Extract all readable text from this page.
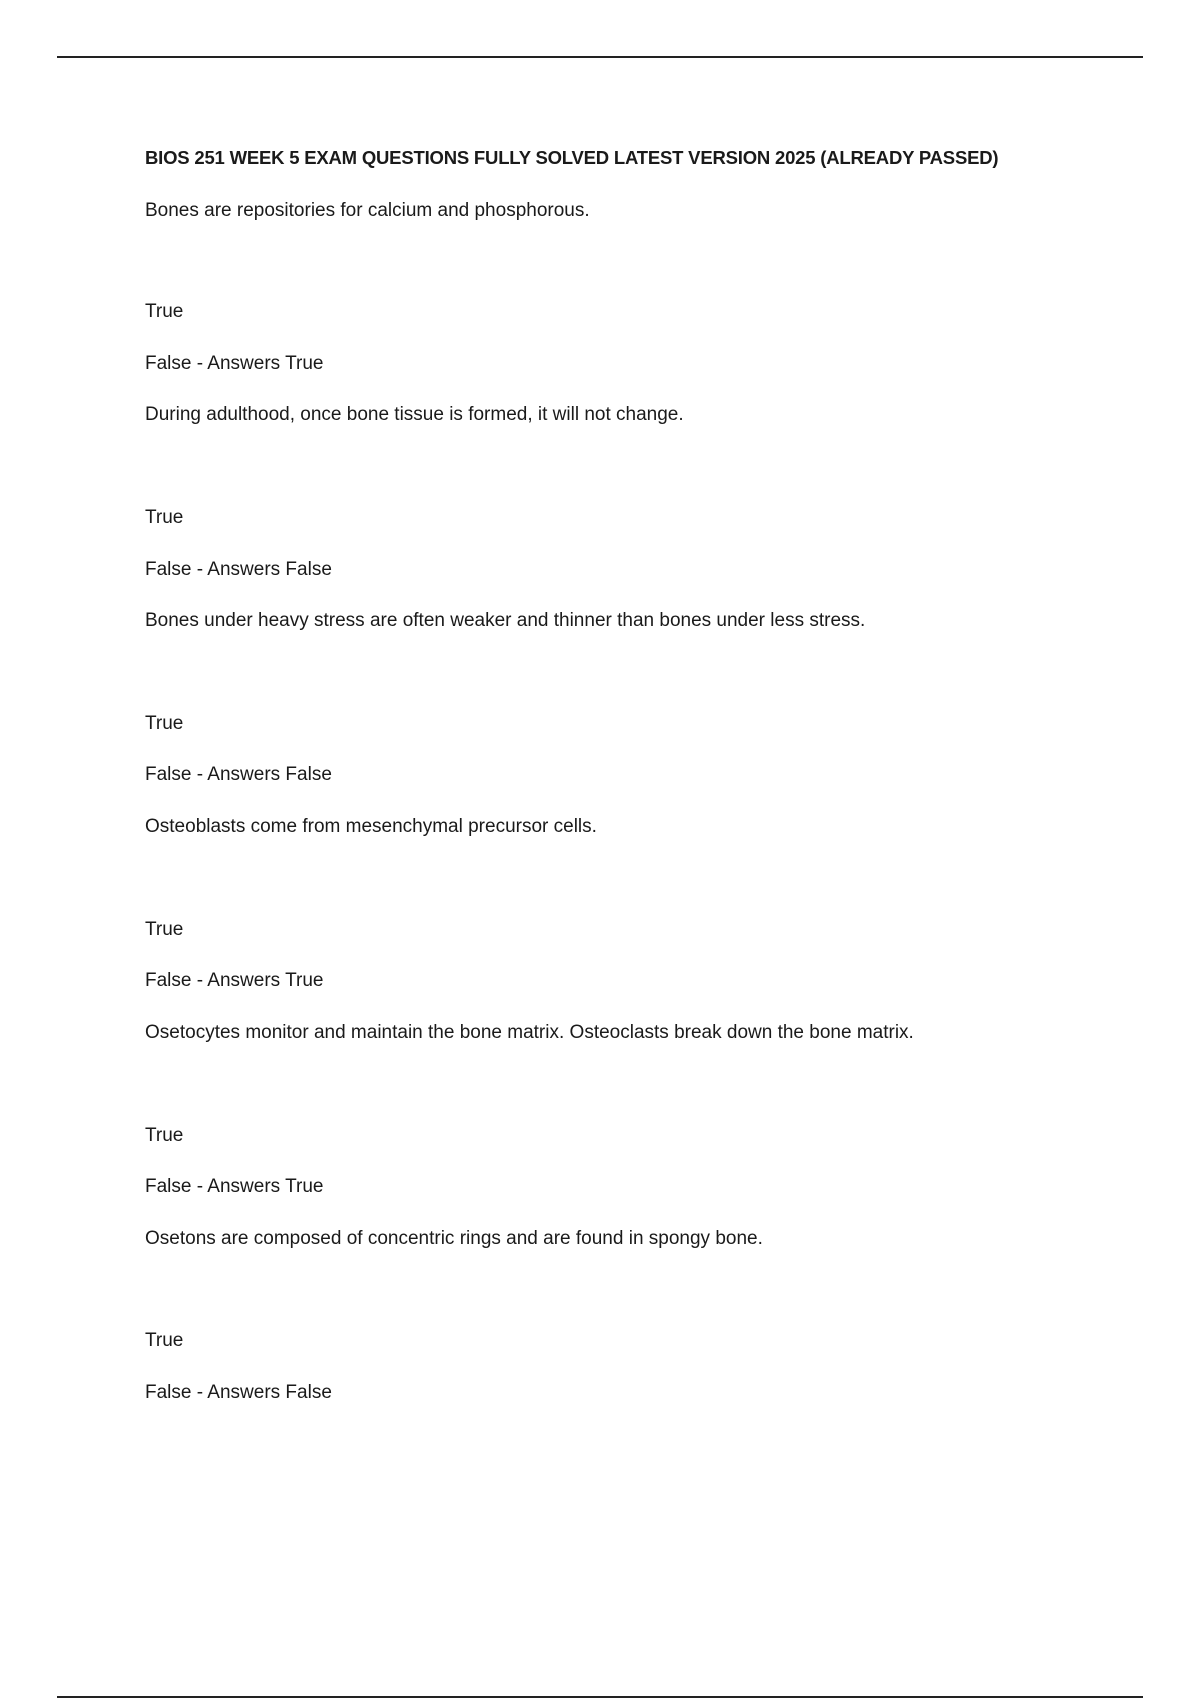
BIOS 251 WEEK 5 EXAM QUESTIONS FULLY SOLVED LATEST VERSION 2025 (ALREADY PASSED)
Bones are repositories for calcium and phosphorous.
True
False - Answers True
During adulthood, once bone tissue is formed, it will not change.
True
False - Answers False
Bones under heavy stress are often weaker and thinner than bones under less stress.
True
False - Answers False
Osteoblasts come from mesenchymal precursor cells.
True
False - Answers True
Osetocytes monitor and maintain the bone matrix. Osteoclasts break down the bone matrix.
True
False - Answers True
Osetons are composed of concentric rings and are found in spongy bone.
True
False - Answers False
